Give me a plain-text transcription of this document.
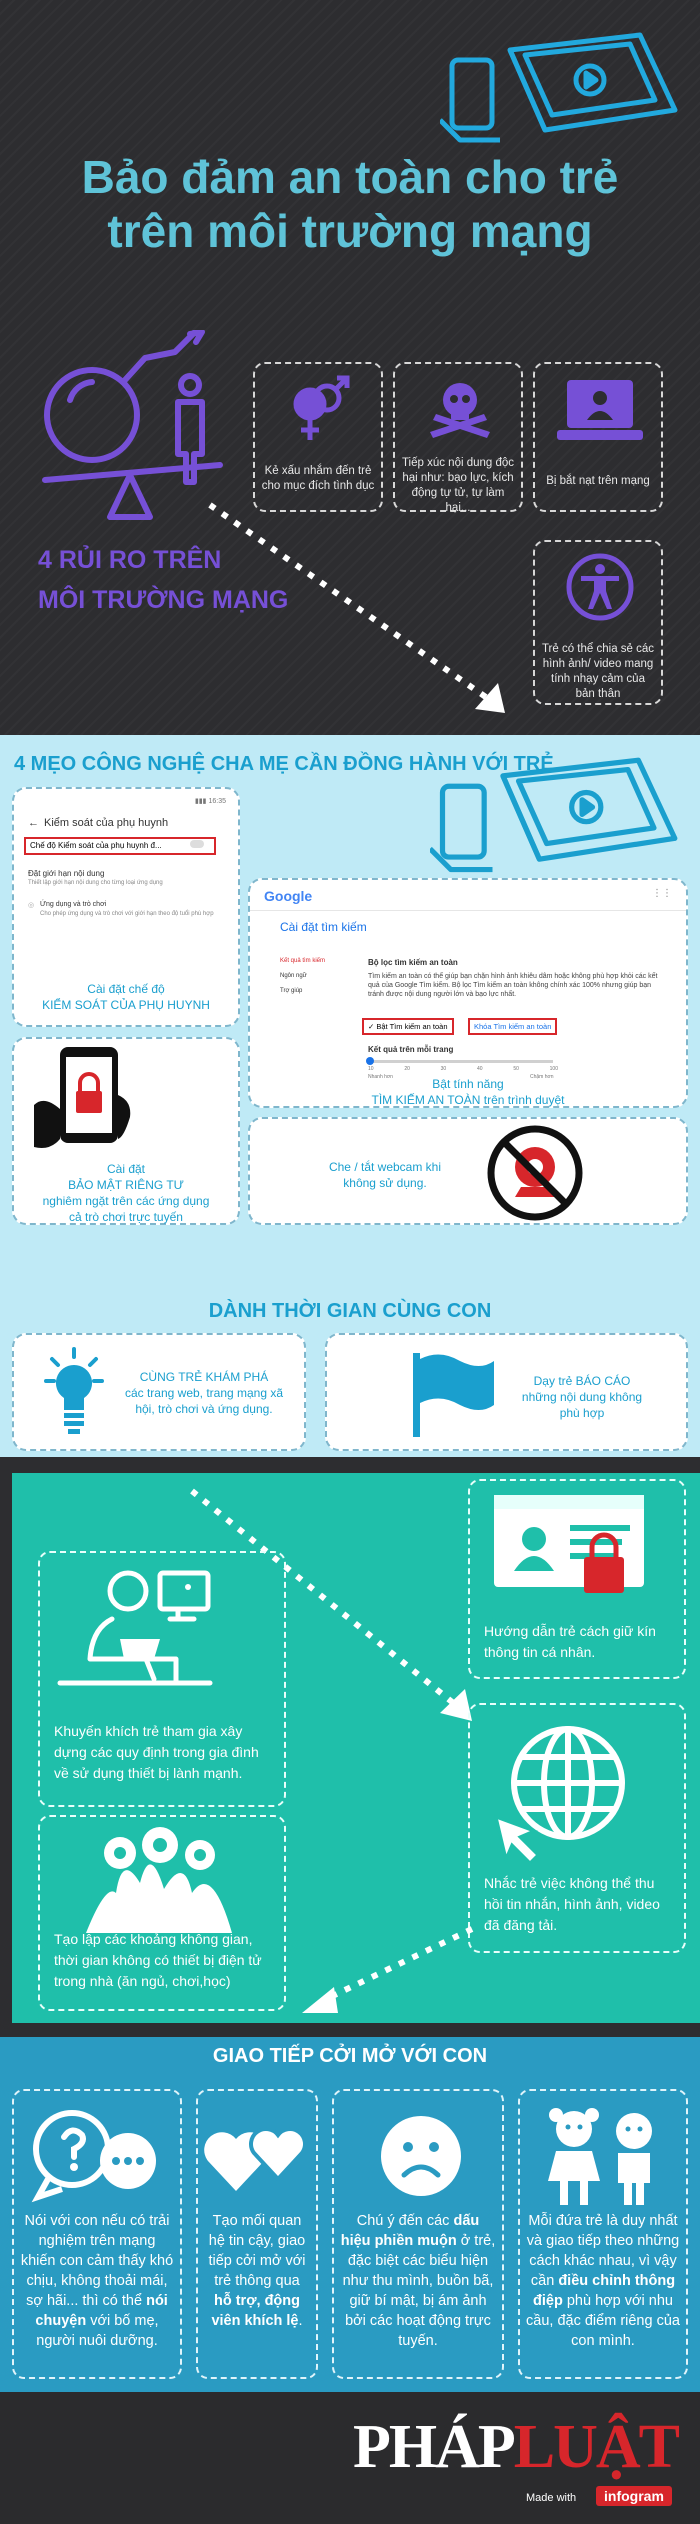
Bảo đảm an toàn cho trẻ
trên môi trường mạng
4 RỦI RO TRÊN
MÔI TRƯỜNG MẠNG
Kẻ xấu nhắm đến trẻ cho mục đích tình dục
Tiếp xúc nội dung độc hại như: bạo lực, kích động tự tử, tự làm hại...
Bị bắt nạt trên mạng
Trẻ có thể chia sẻ các hình ảnh/ video mang tính nhạy cảm của bản thân
4 MẸO CÔNG NGHỆ CHA MẸ CẦN ĐỒNG HÀNH VỚI TRẺ
▮▮▮ 16:35
← Kiểm soát của phụ huynh
Chế độ Kiểm soát của phụ huynh đ...
Đặt giới hạn nội dung
Thiết lập giới hạn nội dung cho từng loại ứng dụng
◎ Ứng dụng và trò chơi
Cho phép ứng dụng và trò chơi với giới hạn theo độ tuổi phù hợp
Cài đặt chế độ
KIỂM SOÁT CỦA PHỤ HUYNH
Google	⋮⋮
Cài đặt tìm kiếm
Kết quả tìm kiếm
Ngôn ngữ
Trợ giúp
Bộ lọc tìm kiếm an toàn
Tìm kiếm an toàn có thể giúp bạn chặn hình ảnh khiêu dâm hoặc không phù hợp khỏi các kết quả của Google Tìm kiếm. Bộ lọc Tìm kiếm an toàn không chính xác 100% nhưng giúp bạn tránh được nội dung người lớn và bạo lực nhất.
✓ Bật Tìm kiếm an toàn	Khóa Tìm kiếm an toàn
Kết quả trên mỗi trang
10	20	30	40	50	100
Nhanh hơn	Chậm hơn
Bật tính năng
TÌM KIẾM AN TOÀN trên trình duyệt
Cài đặt
BẢO MẬT RIÊNG TƯ
nghiêm ngặt trên các ứng dụng
cả trò chơi trực tuyến
Che / tắt webcam khi
không sử dụng.
DÀNH THỜI GIAN CÙNG CON
CÙNG TRẺ KHÁM PHÁ
các trang web, trang mạng xã
hội, trò chơi và ứng dụng.
Dạy trẻ BÁO CÁO
những nội dung không
phù hợp
Khuyến khích trẻ tham gia xây dựng các quy định trong gia đình về sử dụng thiết bị lành mạnh.
Tạo lập các khoảng không gian, thời gian không có thiết bị điện tử trong nhà (ăn ngủ, chơi,học)
Hướng dẫn trẻ cách giữ kín thông tin cá nhân.
Nhắc trẻ việc không thể thu hồi tin nhắn, hình ảnh, video đã đăng tải.
GIAO TIẾP CỞI MỞ VỚI CON
Nói với con nếu có trải nghiệm trên mạng khiến con cảm thấy khó chịu, không thoải mái, sợ hãi... thì có thể nói chuyện với bố mẹ, người nuôi dưỡng.
Tạo mối quan hệ tin cậy, giao tiếp cởi mở với trẻ thông qua hỗ trợ, động viên khích lệ.
Chú ý đến các dấu hiệu phiền muộn ở trẻ, đặc biệt các biểu hiện như thu mình, buồn bã, giữ bí mật, bị ám ảnh bởi các hoạt động trực tuyến.
Mỗi đứa trẻ là duy nhất và giao tiếp theo những cách khác nhau, vì vậy cần điều chỉnh thông điệp phù hợp với nhu cầu, đặc điểm riêng của con mình.
PHÁPLUẬT
Made with	infogram
